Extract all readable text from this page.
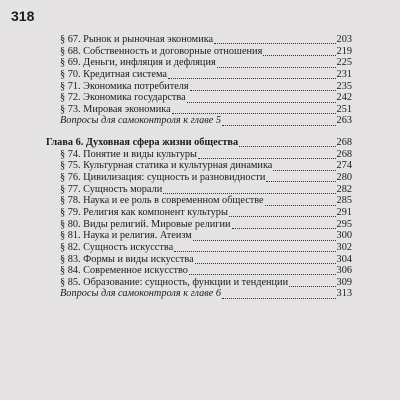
318
§ 67. Рынок и рыночная экономика	203
§ 68. Собственность и договорные отношения	219
§ 69. Деньги, инфляция и дефляция	225
§ 70. Кредитная система	231
§ 71. Экономика потребителя	235
§ 72. Экономика государства	242
§ 73. Мировая экономика	251
Вопросы для самоконтроля к главе 5	263
Глава 6. Духовная сфера жизни общества	268
§ 74. Понятие и виды культуры	268
§ 75. Культурная статика и культурная динамика	274
§ 76. Цивилизация: сущность и разновидности	280
§ 77. Сущность морали	282
§ 78. Наука и ее роль в современном обществе	285
§ 79. Религия как компонент культуры	291
§ 80. Виды религий. Мировые религии	295
§ 81. Наука и религия. Атеизм	300
§ 82. Сущность искусства	302
§ 83. Формы и виды искусства	304
§ 84. Современное искусство	306
§ 85. Образование: сущность, функции и тенденции	309
Вопросы для самоконтроля к главе 6	313
